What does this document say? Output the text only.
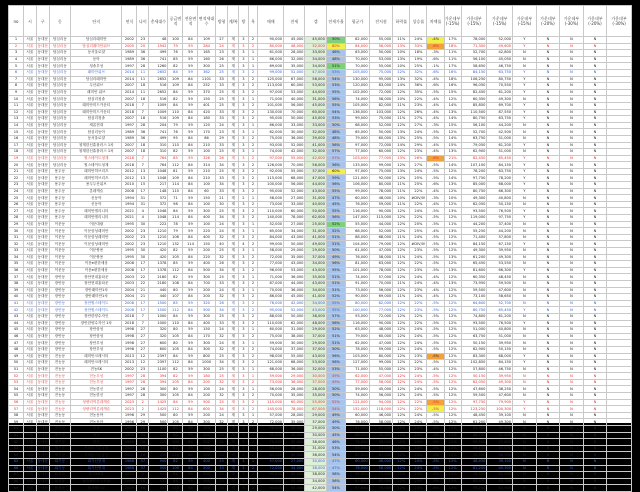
no	시	구	동	단지	연식	나이	총세대수	공급면적	전용면적	면적세대수	방형	계/복	방	욕	매매	전세	갭	전세가율	평균가	전저점	하락률	상승률	차액률	가운데부(-15%)	가운데부(-15%)	가운데부(-15%)	가운데부(-15%)	가운데부(-20%)	가운데부(-30%)	가운데부(-20%)	가운데부(-30%)
1	서울	동대문	답십리동	답십리래미안	2002	23	48	100	84	109	27	계	3	2	90,000	45,000	45,000	50%	82,000	55,000	11%	24%	-4%	17%	78,000	52,000	Y	N	N	N	
2	서울	동대문	답십리동	답십리래미안위브	2005	20	1942	79	59	284	24	계	3	2	80,000	48,000	32,000	60%	84,000	56,000	13%	33%	-6%	18%	71,300	49,600	Y	N	N	N	
3	서울	동대문	답십리동	동서울로얄	1989	36	499	76	59	165	23	계	3	1	61,000	28,000	33,000	46%	63,000	50,000	10%	18%	-3%	11%	52,700	42,800	N	N	N	N	
4	서울	동대문	답십리동	동아	1989	36	741	85	59	160	26	계	3	1	66,000	32,000	34,000	48%	70,000	53,000	13%	19%	-6%	11%	56,100	45,050	N	N	N	N	
5	서울	동대문	답십리동	청솔우성	1997	28	1260	82	59	300	25	계	3	1	69,000	35,000	34,000	51%	70,000	55,000	10%	25%	-1%	17%	58,650	46,750	N	N	N	N	
6	서울	동대문	답십리동	래미안위브	2014	11	2652	84	59	362	25	계	3	2	99,000	52,000	47,000	53%	105,000	75,000	12%	32%	-6%	16%	84,150	63,750	Y	N	N	N	
7	서울	동대문	답십리동	답십리래미안	2014	11	2652	109	84	1101	33	계	3	2	125,000	67,000	58,000	54%	130,000	95,000	13%	32%	-4%	18%	106,250	80,750	Y	N	N	N	
8	서울	동대문	답십리동	두산위브	2007	18	516	109	84	252	33	계	3	2	113,000	60,000	53,000	53%	120,000	83,000	14%	36%	-6%	16%	96,050	70,550	Y	N	N	N	
9	서울	동대문	답십리동	래미안 위브	2014	11	2652	84	59	370	25	계	3	2	97,000	53,000	44,000	55%	102,000	72,000	12%	35%	-5%	15%	82,450	61,200	Y	N	N	N	
10	서울	동대문	답십리동	답십리청솔	2007	18	516	82	59	150	25	계	3	1	71,000	40,000	31,000	56%	74,000	58,000	10%	22%	-4%	12%	60,350	49,300	N	N	N	N	
11	서울	동대문	답십리동	래미안미드카운티	2018	7	1009	84	59	401	25	계	3	2	101,000	56,000	45,000	55%	105,000	82,000	11%	23%	-4%	14%	85,850	69,700	Y	N	N	N	
12	서울	동대문	답십리동	래미안미드카운티	2018	7	1009	110	84	420	33	계	3	2	130,000	70,000	60,000	54%	136,000	103,000	12%	26%	-4%	13%	110,500	87,550	Y	N	N	N	
13	서울	동대문	답십리동	답십리청솔	2007	18	516	109	84	180	33	계	3	2	95,000	50,000	45,000	53%	99,000	75,000	11%	27%	-4%	14%	80,750	63,750	Y	N	N	N	
14	서울	동대문	답십리동	새롬현대	1997	28	204	79	59	120	24	계	3	1	66,000	33,000	33,000	50%	68,000	52,000	12%	27%	-3%	15%	56,100	44,200	N	N	N	N	
15	서울	동대문	답십리동	답십리동아	1989	36	741	76	59	170	23	계	3	1	62,000	30,000	32,000	48%	65,000	50,000	13%	24%	-5%	12%	52,700	42,500	N	N	N	N	
16	서울	동대문	답십리동	동서울로얄	1989	36	499	95	84	86	29	계	3	2	75,000	36,000	39,000	48%	79,000	60,000	13%	25%	-5%	14%	63,750	51,000	N	N	N	N	
17	서울	동대문	답십리동	청계한신휴플러스 1차	2007	18	310	110	84	210	33	계	3	2	93,000	52,000	41,000	56%	97,000	72,000	14%	29%	-4%	15%	79,050	61,200	Y	N	N	N	
18	서울	동대문	답십리동	청계한신휴플러스 1차	2007	18	310	82	59	100	25	계	3	1	74,000	42,000	32,000	57%	77,000	60,000	12%	23%	-4%	13%	62,900	51,000	N	N	N	N	
19	서울	동대문	답십리동	힐스테이트청계	2018	7	764	85	59	326	26	계	3	2	97,000	55,000	42,000	57%	103,000	77,000	13%	26%	-6%	21%	82,450	65,450	Y	N	N	N	
20	서울	동대문	답십리동	힐스테이트청계	2018	7	764	112	84	314	34	계	3	2	126,000	70,000	56,000	56%	133,000	99,000	12%	27%	-5%	14%	107,100	84,150	Y	N	N	N	
21	서울	동대문	용두동	래미안허브리츠	2012	13	1048	81	59	210	25	계	3	2	92,000	55,000	37,000	60%	97,000	75,000	13%	24%	-5%	12%	78,200	63,750	Y	N	N	N	
22	서울	동대문	용두동	래미안허브리츠	2012	13	1048	109	84	210	33	계	3	2	115,000	68,000	47,000	59%	121,000	92,000	12%	25%	-5%	14%	97,750	78,200	Y	N	N	N	
23	서울	동대문	용두동	용두두산위브	2010	15	217	114	84	100	34	계	3	2	100,000	56,000	44,000	56%	106,000	80,000	11%	25%	-6%	13%	85,000	68,000	Y	N	N	N	
24	서울	동대문	용두동	롯데캐슬	2008	17	148	110	84	60	33	계	3	2	95,000	52,000	43,000	55%	99,000	78,000	11%	22%	-4%	12%	80,750	66,300	Y	N	N	N	
25	서울	동대문	용두동	신동아	1994	31	372	71	59	150	21	계	2	1	58,000	27,000	31,000	47%	60,000	48,000	10%	#DIV/0!	-3%	10%	49,300	40,800	N	N	N	N	
26	서울	동대문	용두동	신동아	1994	31	372	98	84	100	30	계	3	2	73,000	33,000	40,000	45%	76,000	59,000	11%	22%	-4%	12%	62,050	50,150	N	N	N	N	
27	서울	동대문	용두동	래미안엘리니티	2021	4	1048	84	59	300	25	계	3	2	110,000	60,000	50,000	55%	116,000	90,000	12%	24%	-5%	13%	93,500	76,500	Y	N	N	N	
28	서울	동대문	용두동	래미안엘리니티	2021	4	1048	114	84	400	34	계	3	2	140,000	78,000	62,000	56%	147,000	115,000	12%	22%	-5%	12%	119,000	97,750	Y	N	N	N	
29	서울	동대문	이문동	이문대림	1995	30	222	78	59	100	24	계	3	1	52,000	27,000	25,000	52%	55,000	44,000	12%	20%	-5%	11%	44,200	37,400	N	N	N	N	
30	서울	동대문	이문동	이문삼성래미안	2002	23	1210	79	59	220	24	계	3	1	65,000	34,000	31,000	52%	68,000	52,000	12%	25%	-4%	13%	55,250	44,200	N	N	N	N	
31	서울	동대문	이문동	이문삼성래미안	2002	23	1210	106	84	400	32	계	3	2	84,000	43,000	41,000	51%	88,000	68,000	11%	24%	-5%	12%	71,400	57,800	N	N	N	N	
32	서울	동대문	이문동	이문삼성래미안	2002	23	1210	132	114	150	40	계	4	2	99,000	50,000	49,000	51%	104,000	79,000	12%	#DIV/0!	-5%	13%	84,150	67,150	Y	N	N	N	
33	서울	동대문	이문동	이문쌍용	1995	30	420	82	59	200	25	계	3	1	58,000	29,000	29,000	50%	61,000	47,000	12%	23%	-5%	12%	49,300	39,950	N	N	N	N	
34	서울	동대문	이문동	이문쌍용	1995	30	420	105	84	220	32	계	3	2	72,000	35,000	37,000	49%	76,000	58,000	11%	24%	-5%	13%	61,200	49,300	N	N	N	N	
35	서울	동대문	이문동	이문e편한세상	2008	17	1378	85	59	400	26	계	3	2	77,000	43,000	34,000	56%	81,000	63,000	12%	22%	-5%	12%	65,450	53,550	N	N	N	N	
36	서울	동대문	이문동	이문e편한세상	2008	17	1378	112	84	500	34	계	3	2	96,000	53,000	43,000	55%	101,000	78,000	12%	23%	-5%	13%	81,600	66,300	Y	N	N	N	
37	서울	동대문	장안동	장안현대홈타운	2003	22	2180	82	59	300	25	계	3	1	71,000	36,000	35,000	51%	74,000	57,000	12%	24%	-4%	12%	60,350	48,450	N	N	N	N	
38	서울	동대문	장안동	장안현대홈타운	2003	22	2180	108	84	700	33	계	3	2	87,000	44,000	43,000	51%	91,000	70,000	11%	24%	-4%	13%	73,950	59,500	N	N	N	N	
39	서울	동대문	장안동	장안래미안1차	2004	21	440	80	59	200	24	계	3	1	70,000	36,000	34,000	51%	73,000	56,000	12%	23%	-4%	12%	59,500	47,600	N	N	N	N	
40	서울	동대문	장안동	장안래미안1차	2004	21	440	107	84	200	32	계	3	2	86,000	45,000	41,000	52%	90,000	69,000	11%	24%	-4%	12%	73,100	58,650	N	N	N	N	
41	서울	동대문	장안동	장안힐스테이트	2008	17	1500	85	59	320	26	계	3	2	76,000	42,000	34,000	55%	80,000	62,000	12%	22%	-5%	12%	64,600	52,700	N	N	N	N	
42	서울	동대문	장안동	장안힐스테이트	2008	17	1500	112	84	500	34	계	3	2	95,000	52,000	43,000	55%	100,000	77,000	12%	23%	-5%	12%	80,750	65,450	Y	N	N	N	
43	서울	동대문	장안동	장안한양수자인	2018	7	1000	84	59	300	25	계	3	2	88,000	50,000	38,000	57%	93,000	72,000	12%	22%	-5%	12%	74,800	61,200	N	N	N	N	
44	서울	동대문	장안동	장안한양수자인 1차	2018	7	1000	110	84	400	33	계	3	2	110,000	62,000	48,000	56%	116,000	90,000	12%	22%	-5%	12%	93,500	76,500	Y	N	N	N	
45	서울	동대문	장안동	장안삼성	1998	27	320	80	59	150	24	계	3	1	60,000	31,000	29,000	52%	63,000	48,000	12%	24%	-5%	12%	51,000	40,800	N	N	N	N	
46	서울	동대문	장안동	장안삼성	1998	27	320	105	84	170	32	계	3	2	75,000	38,000	37,000	51%	79,000	60,000	12%	24%	-5%	12%	63,750	51,000	N	N	N	N	
47	서울	동대문	장안동	장안우성	1998	27	600	80	59	300	24	계	3	1	59,000	30,000	29,000	51%	62,000	47,000	12%	24%	-5%	12%	50,150	39,950	N	N	N	N	
48	서울	동대문	장안동	장안우성	1998	27	600	105	84	300	32	계	3	2	74,000	37,000	37,000	50%	78,000	59,000	12%	24%	-5%	12%	62,900	50,150	N	N	N	N	
49	서울	동대문	전농동	래미안크레시티	2013	12	2397	84	59	800	25	계	3	2	98,000	55,000	43,000	56%	103,000	80,000	12%	23%	-5%	12%	83,300	68,000	Y	N	N	N	
50	서울	동대문	전농동	래미안크레시티	2013	12	2397	112	84	1000	34	계	3	2	121,000	68,000	53,000	56%	127,000	99,000	12%	22%	-5%	12%	102,850	84,150	Y	N	N	N	
51	서울	동대문	전농동	전농SK	2002	23	1100	82	59	300	25	계	3	1	68,000	36,000	32,000	53%	71,000	55,000	12%	23%	-4%	12%	57,800	46,750	N	N	N	N	
52	서울	동대문	전농동	전농우성	1997	28	394	82	59	180	25	계	3	1	59,000	29,000	30,000	49%	62,000	47,000	12%	24%	-5%	12%	50,150	39,950	N	N	N	N	
53	서울	동대문	전농동	전농우성	1997	28	394	105	84	200	32	계	3	2	73,000	36,000	37,000	49%	77,000	58,000	12%	24%	-5%	12%	62,050	49,300	N	N	N	N	
54	서울	동대문	전농동	전농한신	1997	28	300	80	59	100	24	계	3	1	56,000	28,000	28,000	50%	59,000	45,000	12%	24%	-5%	12%	47,600	38,250	N	N	N	N	
55	서울	동대문	전농동	전농한신	1997	28	300	105	84	200	32	계	3	2	70,000	35,000	35,000	50%	74,000	56,000	12%	24%	-5%	12%	59,500	47,600	N	N	N	N	
56	서울	동대문	전농동	청량리역롯데캐슬	2023	2	1425	84	59	500	25	계	3	2	115,000	60,000	55,000	52%	121,000	94,000	12%	22%	-5%	12%	97,750	79,900	Y	N	N	N	
57	서울	동대문	전농동	청량리역롯데캐슬	2023	2	1425	112	84	600	34	계	3	2	145,000	78,000	67,000	54%	152,000	118,000	12%	22%	-5%	12%	123,250	100,300	Y	N	N	N	
58	서울	동대문	전농동	전농동아	1996	29	500	80	59	200	24	계	3	1	57,000	28,000	29,000	49%	60,000	46,000	12%	24%	-5%	12%	48,450	39,100	N	N	N	N	
59	서울	동대문	전농동	전농동아	1996	29	500	105	84	300	32	계	3	2	72,000	35,000	37,000	49%	76,000	58,000	12%	24%	-5%	12%	61,200	49,300	N	N	N	N	
60	서울	동대문	전농동	우성	1997	28	394	80	59	150	24	계	3	1	58,000	29,000	29,000	50%	61,000	47,000	12%	24%	-5%	12%	49,300	39,950	N	N	N	N	
61	서울	동대문	제기동	한신	1986	39	420	80	59	200	24	계	3	1	55,000	25,000	30,000	45%	58,000	44,000	12%	24%	-5%	12%	46,750	37,400	N	N	N	N	
62	서울	동대문	제기동	한신	1986	39	420	105	84	220	32	계	3	2	70,000	32,000	38,000	46%	74,000	56,000	12%	24%	-5%	12%	59,500	47,600	N	N	N	N	
63	서울	동대문	제기동	브라운스톤홍릉	2007	18	300	82	59	100	25	계	3	1	66,000	35,000	31,000	53%	69,000	53,000	12%	24%	-5%	12%	56,100	45,050	N	N	N	N	
64	서울	동대문	제기동	브라운스톤홍릉	2007	18	300	110	84	200	33	계	3	2	83,000	45,000	38,000	54%	87,000	67,000	12%	23%	-5%	12%	70,550	56,950	N	N	N	N	
65	서울	동대문	회기동	회기신현대	1988	37	900	82	59	400	25	계	3	1	57,000	27,000	30,000	47%	60,000	46,000	12%	24%	-5%	12%	48,450	39,100	N	N	N	N	
66	서울	동대문	회기동	회기신현대	1988	37	900	109	84	500	33	계	3	2	72,000	34,000	38,000	47%	76,000	58,000	12%	24%	-5%	12%	61,200	49,300	N	N	N	N	
67	서울	동대문	휘경동	휘경SK뷰	2020	5	900	84	59	300	25	계	3	2	90,000	52,000	38,000	58%	95,000	73,000	12%	23%	-5%	12%	76,500	62,050	N	N	N	N	
68	서울	동대문	휘경동	휘경해모로스트림	2009	16	437	84	59	150	25	계	3	2	77,000	43,000	34,000	56%	81,000	62,000	12%	23%	-5%	12%	65,450	52,700	N	N	N	N	
69	서울	동대문	휘경동	휘경해모로	2009	16	437	110	84	200	33	계	3	2	92,000	50,000	42,000	54%	97,000	74,000	12%	23%	-5%	12%	78,200	62,900	Y	N	N	N	
